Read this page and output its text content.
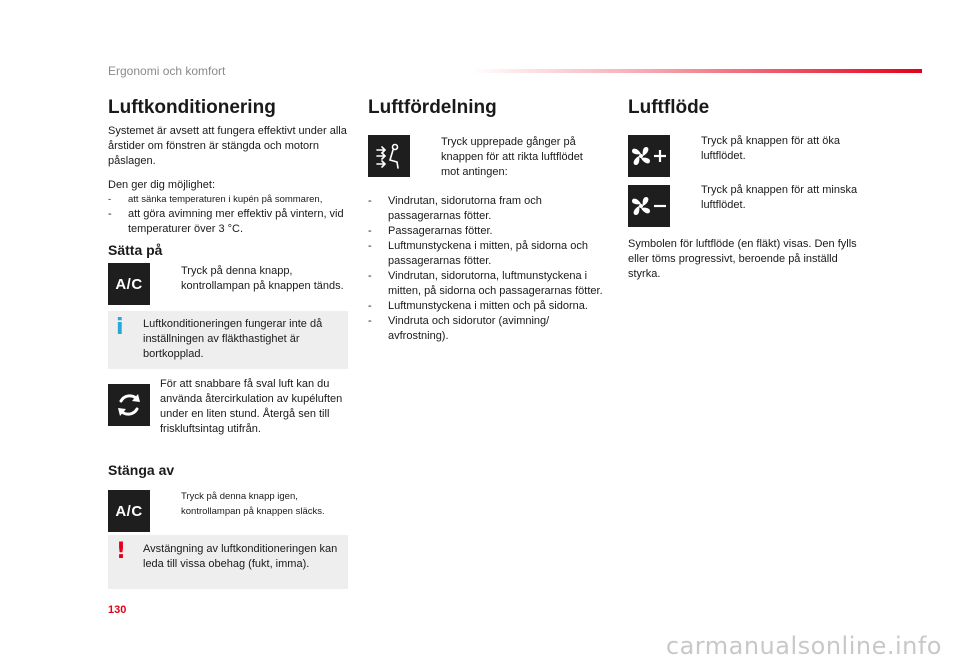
Ergonomi och komfort
Luftkonditionering
Systemet är avsett att fungera effektivt under alla årstider om fönstren är stängda och motorn påslagen.
Den ger dig möjlighet:
- att sänka temperaturen i kupén på sommaren,
- att göra avimning mer effektiv på vintern, vid temperaturer över 3 °C.
Sätta på
A/C
Tryck på denna knapp, kontrollampan på knappen tänds.
i Luftkonditioneringen fungerar inte då inställningen av fläkthastighet är bortkopplad.
För att snabbare få sval luft kan du använda återcirkulation av kupéluften under en liten stund. Återgå sen till friskluftsintag utifrån.
Stänga av
A/C
Tryck på denna knapp igen, kontrollampan på knappen släcks.
! Avstängning av luftkonditioneringen kan leda till vissa obehag (fukt, imma).
Luftfördelning
Tryck upprepade gånger på knappen för att rikta luftflödet mot antingen:
- Vindrutan, sidorutorna fram och passagerarnas fötter.
- Passagerarnas fötter.
- Luftmunstyckena i mitten, på sidorna och passagerarnas fötter.
- Vindrutan, sidorutorna, luftmunstyckena i mitten, på sidorna och passagerarnas fötter.
- Luftmunstyckena i mitten och på sidorna.
- Vindruta och sidorutor (avimning/ avfrostning).
Luftflöde
Tryck på knappen för att öka luftflödet.
Tryck på knappen för att minska luftflödet.
Symbolen för luftflöde (en fläkt) visas. Den fylls eller töms progressivt, beroende på inställd styrka.
130
carmanualsonline.info
